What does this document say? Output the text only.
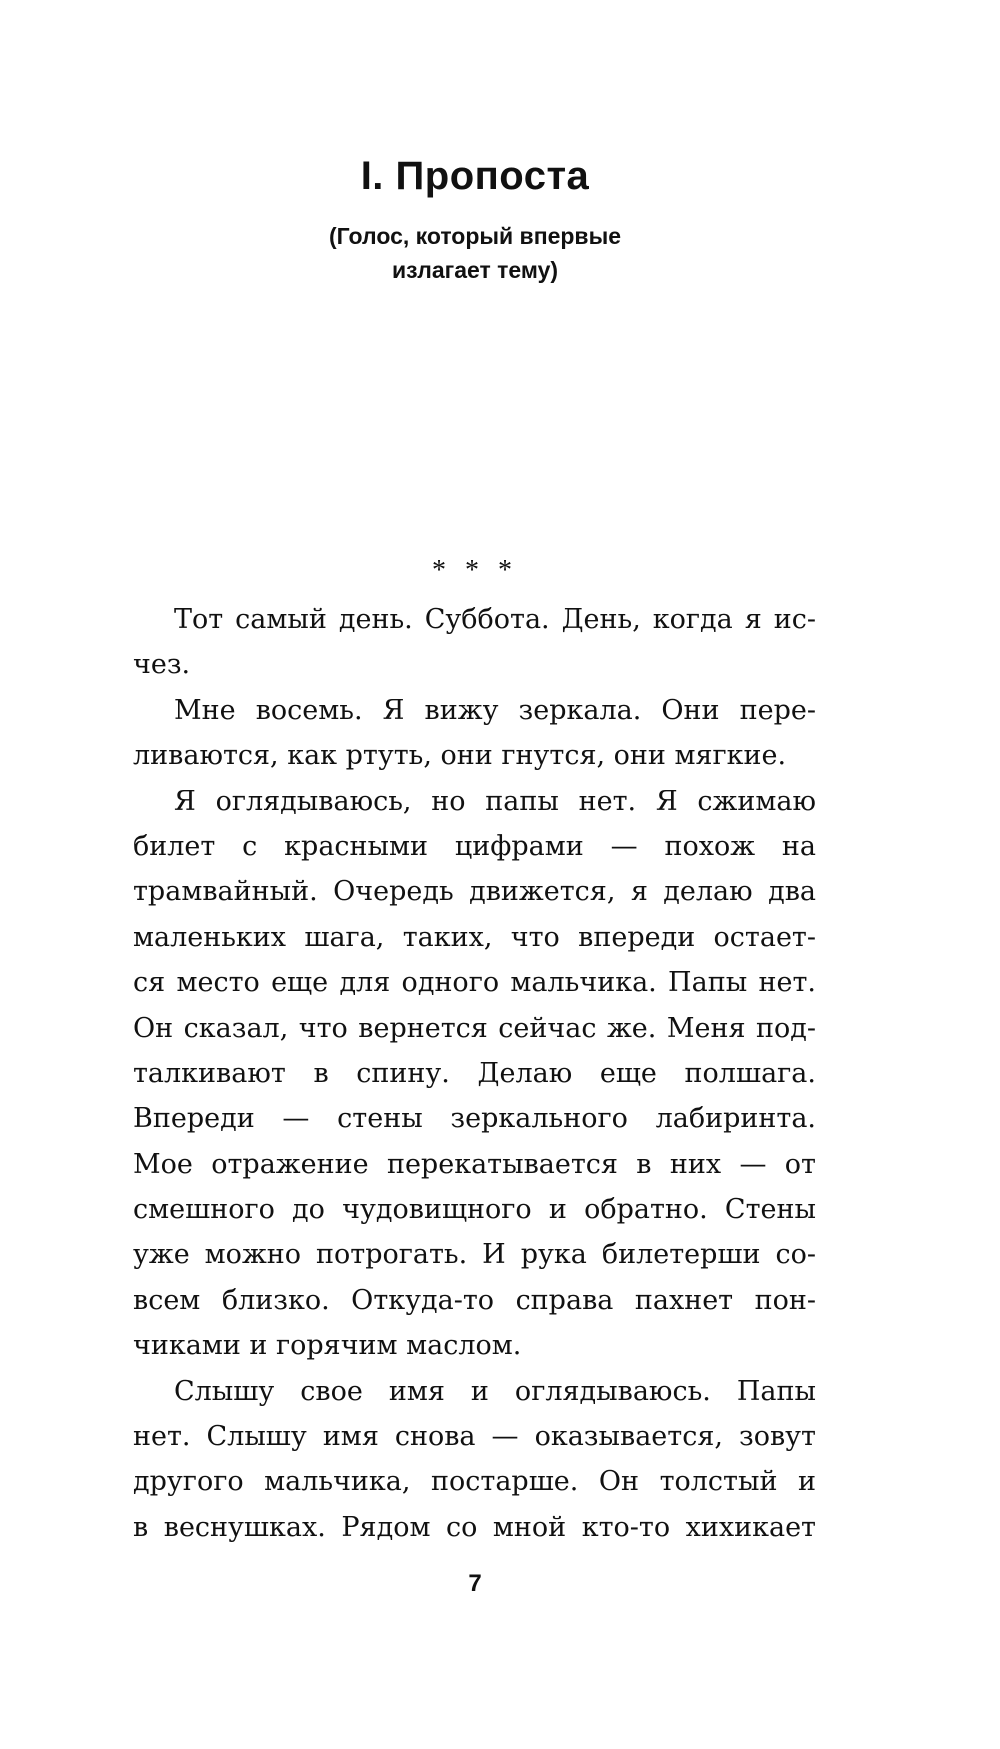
I. Пропоста

(Голос, который впервые
излагает тему)

* * *

Тот самый день. Суббота. День, когда я ис-
чез.
Мне восемь. Я вижу зеркала. Они пере-
ливаются, как ртуть, они гнутся, они мягкие.
Я оглядываюсь, но папы нет. Я сжимаю
билет с красными цифрами — похож на
трамвайный. Очередь движется, я делаю два
маленьких шага, таких, что впереди остает-
ся место еще для одного мальчика. Папы нет.
Он сказал, что вернется сейчас же. Меня под-
талкивают в спину. Делаю еще полшага.
Впереди — стены зеркального лабиринта.
Мое отражение перекатывается в них — от
смешного до чудовищного и обратно. Стены
уже можно потрогать. И рука билетерши со-
всем близко. Откуда-то справа пахнет пон-
чиками и горячим маслом.
Слышу свое имя и оглядываюсь. Папы
нет. Слышу имя снова — оказывается, зовут
другого мальчика, постарше. Он толстый и
в веснушках. Рядом со мной кто-то хихикает

7
